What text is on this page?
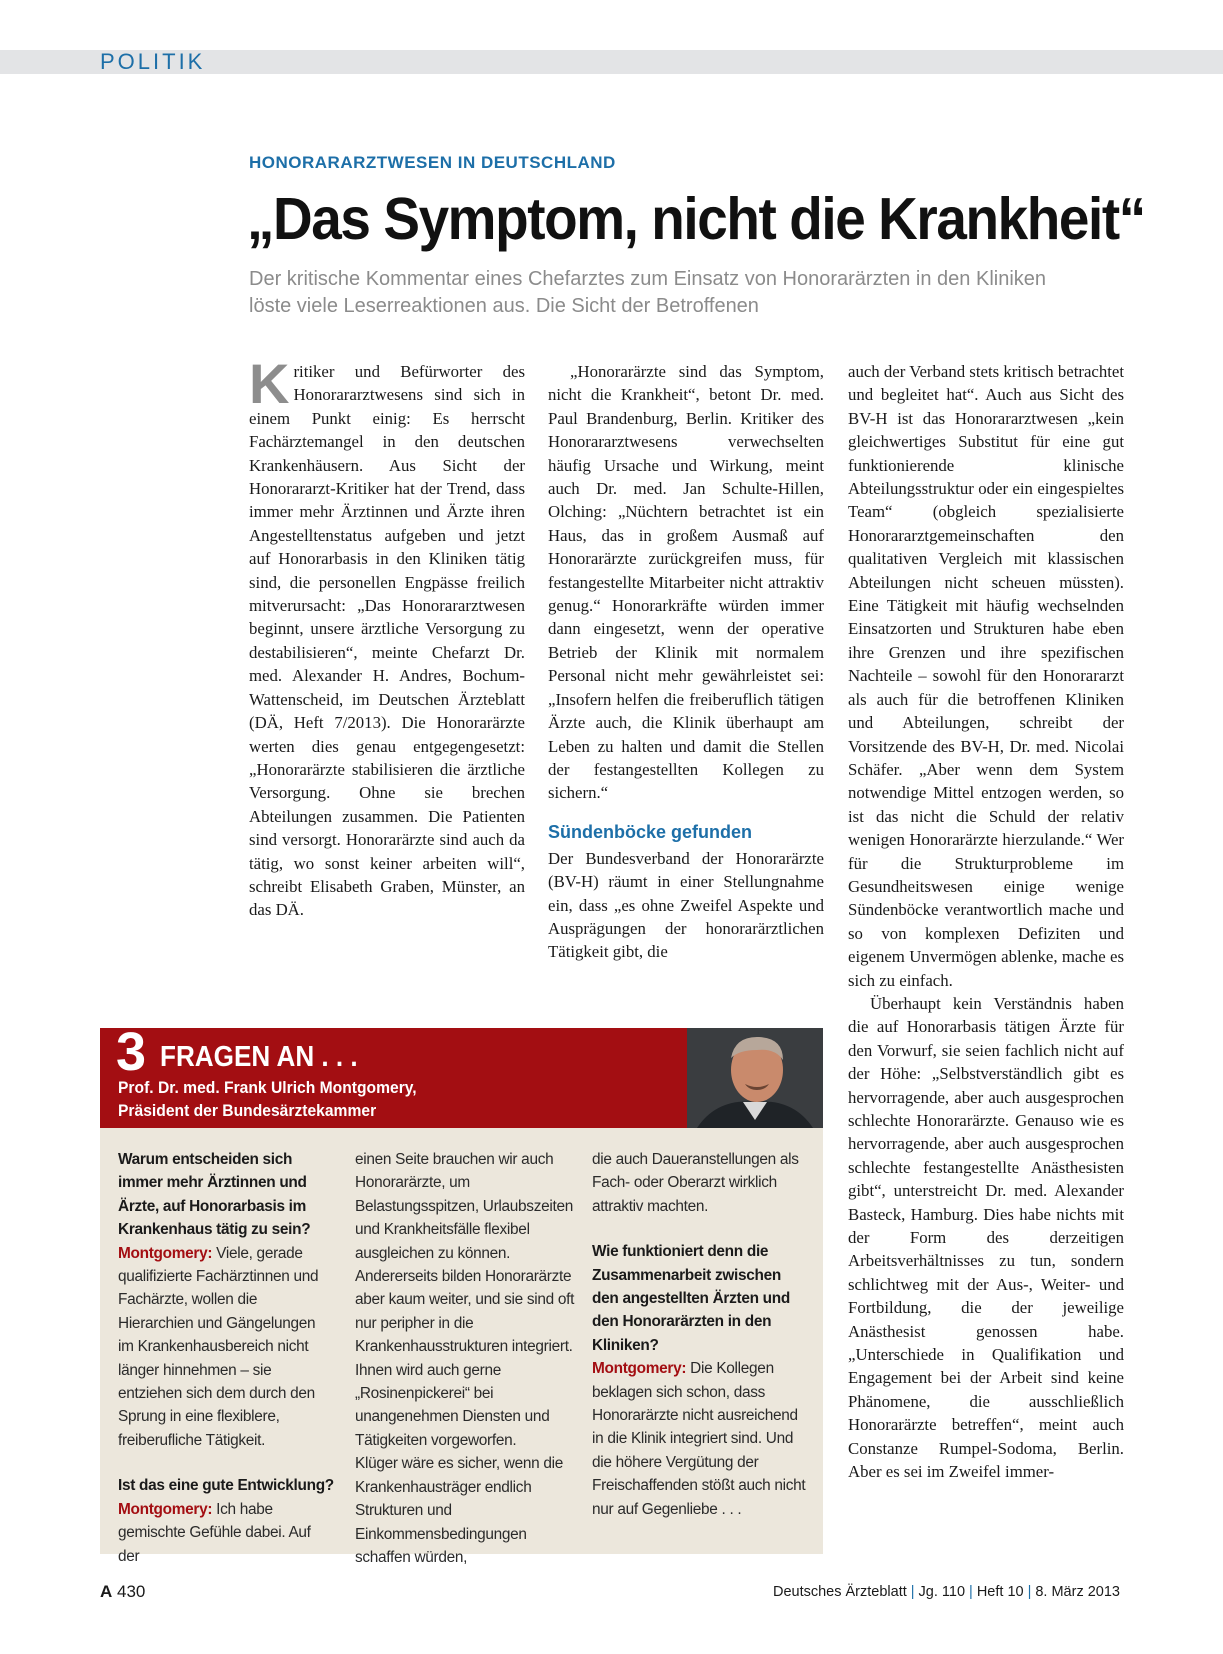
POLITIK
HONORARARZTWESEN IN DEUTSCHLAND
„Das Symptom, nicht die Krankheit“
Der kritische Kommentar eines Chefarztes zum Einsatz von Honorarärzten in den Kliniken löste viele Leserreaktionen aus. Die Sicht der Betroffenen

Kritiker und Befürworter des Honorararztwesens sind sich in einem Punkt einig: Es herrscht Fachärztemangel in den deutschen Krankenhäusern. Aus Sicht der Honorararzt-Kritiker hat der Trend, dass immer mehr Ärztinnen und Ärzte ihren Angestelltenstatus aufgeben und jetzt auf Honorarbasis in den Kliniken tätig sind, die personellen Engpässe freilich mitverursacht: „Das Honorararztwesen beginnt, unsere ärztliche Versorgung zu destabilisieren“, meinte Chefarzt Dr. med. Alexander H. Andres, Bochum-Wattenscheid, im Deutschen Ärzteblatt (DÄ, Heft 7/2013). Die Honorarärzte werten dies genau entgegengesetzt: „Honorarärzte stabilisieren die ärztliche Versorgung. Ohne sie brechen Abteilungen zusammen. Die Patienten sind versorgt. Honorarärzte sind auch da tätig, wo sonst keiner arbeiten will“, schreibt Elisabeth Graben, Münster, an das DÄ.

„Honorarärzte sind das Symptom, nicht die Krankheit“, betont Dr. med. Paul Brandenburg, Berlin. Kritiker des Honorararztwesens verwechselten häufig Ursache und Wirkung, meint auch Dr. med. Jan Schulte-Hillen, Olching: „Nüchtern betrachtet ist ein Haus, das in großem Ausmaß auf Honorarärzte zurückgreifen muss, für festangestellte Mitarbeiter nicht attraktiv genug.“ Honorarkräfte würden immer dann eingesetzt, wenn der operative Betrieb der Klinik mit normalem Personal nicht mehr gewährleistet sei: „Insofern helfen die freiberuflich tätigen Ärzte auch, die Klinik überhaupt am Leben zu halten und damit die Stellen der festangestellten Kollegen zu sichern.“

Sündenböcke gefunden

Der Bundesverband der Honorarärzte (BV-H) räumt in einer Stellungnahme ein, dass „es ohne Zweifel Aspekte und Ausprägungen der honorarärztlichen Tätigkeit gibt, die

auch der Verband stets kritisch betrachtet und begleitet hat“. Auch aus Sicht des BV-H ist das Honorararztwesen „kein gleichwertiges Substitut für eine gut funktionierende klinische Abteilungsstruktur oder ein eingespieltes Team“ (obgleich spezialisierte Honorararztgemeinschaften den qualitativen Vergleich mit klassischen Abteilungen nicht scheuen müssten). Eine Tätigkeit mit häufig wechselnden Einsatzorten und Strukturen habe eben ihre Grenzen und ihre spezifischen Nachteile – sowohl für den Honorararzt als auch für die betroffenen Kliniken und Abteilungen, schreibt der Vorsitzende des BV-H, Dr. med. Nicolai Schäfer. „Aber wenn dem System notwendige Mittel entzogen werden, so ist das nicht die Schuld der relativ wenigen Honorarärzte hierzulande.“ Wer für die Strukturprobleme im Gesundheitswesen einige wenige Sündenböcke verantwortlich mache und so von komplexen Defiziten und eigenem Unvermögen ablenke, mache es sich zu einfach.

Überhaupt kein Verständnis haben die auf Honorarbasis tätigen Ärzte für den Vorwurf, sie seien fachlich nicht auf der Höhe: „Selbstverständlich gibt es hervorragende, aber auch ausgesprochen schlechte Honorarärzte. Genauso wie es hervorragende, aber auch ausgesprochen schlechte festangestellte Anästhesisten gibt“, unterstreicht Dr. med. Alexander Basteck, Hamburg. Dies habe nichts mit der Form des derzeitigen Arbeitsverhältnisses zu tun, sondern schlichtweg mit der Aus-, Weiter- und Fortbildung, die der jeweilige Anästhesist genossen habe. „Unterschiede in Qualifikation und Engagement bei der Arbeit sind keine Phänomene, die ausschließlich Honorarärzte betreffen“, meint auch Constanze Rumpel-Sodoma, Berlin. Aber es sei im Zweifel immer-

3 FRAGEN AN . . .
Prof. Dr. med. Frank Ulrich Montgomery,
Präsident der Bundesärztekammer

Warum entscheiden sich immer mehr Ärztinnen und Ärzte, auf Honorarbasis im Krankenhaus tätig zu sein?

Montgomery: Viele, gerade qualifizierte Fachärztinnen und Fachärzte, wollen die Hierarchien und Gängelungen im Krankenhausbereich nicht länger hinnehmen – sie entziehen sich dem durch den Sprung in eine flexiblere, freiberufliche Tätigkeit.

Ist das eine gute Entwicklung?

Montgomery: Ich habe gemischte Gefühle dabei. Auf der

einen Seite brauchen wir auch Honorarärzte, um Belastungsspitzen, Urlaubszeiten und Krankheitsfälle flexibel ausgleichen zu können. Andererseits bilden Honorarärzte aber kaum weiter, und sie sind oft nur peripher in die Krankenhausstrukturen integriert. Ihnen wird auch gerne „Rosinenpickerei“ bei unangenehmen Diensten und Tätigkeiten vorgeworfen.

Klüger wäre es sicher, wenn die Krankenhausträger endlich Strukturen und Einkommensbedingungen schaffen würden,

die auch Daueranstellungen als Fach- oder Oberarzt wirklich attraktiv machten.

Wie funktioniert denn die Zusammenarbeit zwischen den angestellten Ärzten und den Honorarärzten in den Kliniken?

Montgomery: Die Kollegen beklagen sich schon, dass Honorarärzte nicht ausreichend in die Klinik integriert sind. Und die höhere Vergütung der Freischaffenden stößt auch nicht nur auf Gegenliebe . . .

A 430	Deutsches Ärzteblatt | Jg. 110 | Heft 10 | 8. März 2013
